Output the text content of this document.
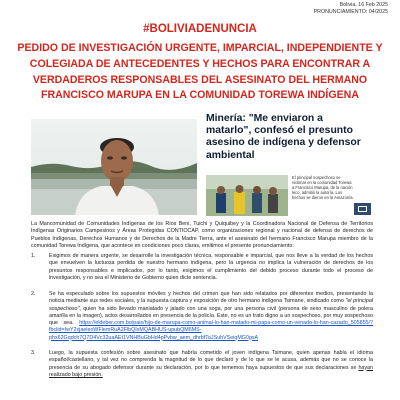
Bolivia, 16 Feb 2025
PRONUNCIAMIENTO: 04/2025
#BOLIVIADENUNCIA
PEDIDO DE INVESTIGACIÓN URGENTE, IMPARCIAL, INDEPENDIENTE Y COLEGIADA DE ANTECEDENTES Y HECHOS PARA ENCONTRAR A VERDADEROS RESPONSABLES DEL ASESINATO DEL HERMANO FRANCISCO MARUPA EN LA COMUNIDAD TOREWA INDÍGENA
Minería: "Me enviaron a matarlo", confesó el presunto asesino de indígena y defensor ambiental
El principal sospechoso se victimar en la comunidad Torewa a Francisco Marupa, de la nación leco, admitió la autoría. Los hechos se dieron en la Amazonía.
La Mancomunidad de Comunidades Indígenas de los Ríos Beni, Tuichi y Quiquibey y la Coordinadora Nacional de Defensa de Territorios Indígenas Originarios Campesinos y Áreas Protegidas CONTIOCAP, como organizaciones regional y nacional de defensa de derechos de Pueblos Indígenas, Derechos Humanos y de Derechos de la Madre Tierra, ante el asesinato del hermano Francisco Marupa miembro de la comunidad Torewa Indígena, que acontece en condiciones poco claras, emitimos el presente pronunciamiento:
1.	Exigimos de manera urgente, se desarrolle la investigación técnica, responsable e imparcial, que nos lleve a la verdad de los hechos que envuelven la luctuosa perdida de nuestro hermano indígena, pero la urgencia no implica la vulneración de derechos de los presuntos responsables e implicados, por lo tanto, exigimos el cumplimiento del debido proceso durante todo el proceso de investigación, y no sea el Ministerio de Gobierno quien dicte sentencia.
2.	Se ha especulado sobre los supuestos móviles y hechos del crimen que han sido relatados por diferentes medios, presentando la noticia mediante sus redes sociales, y la supuesta captura y exposición de otro hermano indígena Tsimane, sindicado como "el principal sospechoso", quien ha sido llevado maniatado y jalado con una soga, por una persona civil (persona de sexo masculino de polera amarilla en la imagen), actos desarrollados en presencia de la policía. Este, no es un trato digno a un sospechoso, por muy sospechoso que sea. https://eldeber.com.bo/pais/hijo-de-marupa-como-animal-lo-han-matado-mi-papa-como-un-venado-lo-han-cazado_505855/?fbclid=IwY2xjaeleoWFlemRuA2FlbQIxMQABHUS-upubQM6MS-phx62Gqdch7Q7D4Vc32uaAEt1VNHBuGbHd4pPvbw_aem_dhrbfTaJSubVSeiqMG0gsA
3.	Luego, la supuesta confesión sobre asesinato que habría cometido el joven indígena Tsimane, quien apenas habla el idioma español/castellano, y tal vez no comprenda la magnitud de lo que declaró y de lo que se le acusa, además que no se conoce la presencia de su abogado defensor durante su declaración, por lo que tememos haya supuestos de que sus declaraciones se hayan realizado bajo presión.
